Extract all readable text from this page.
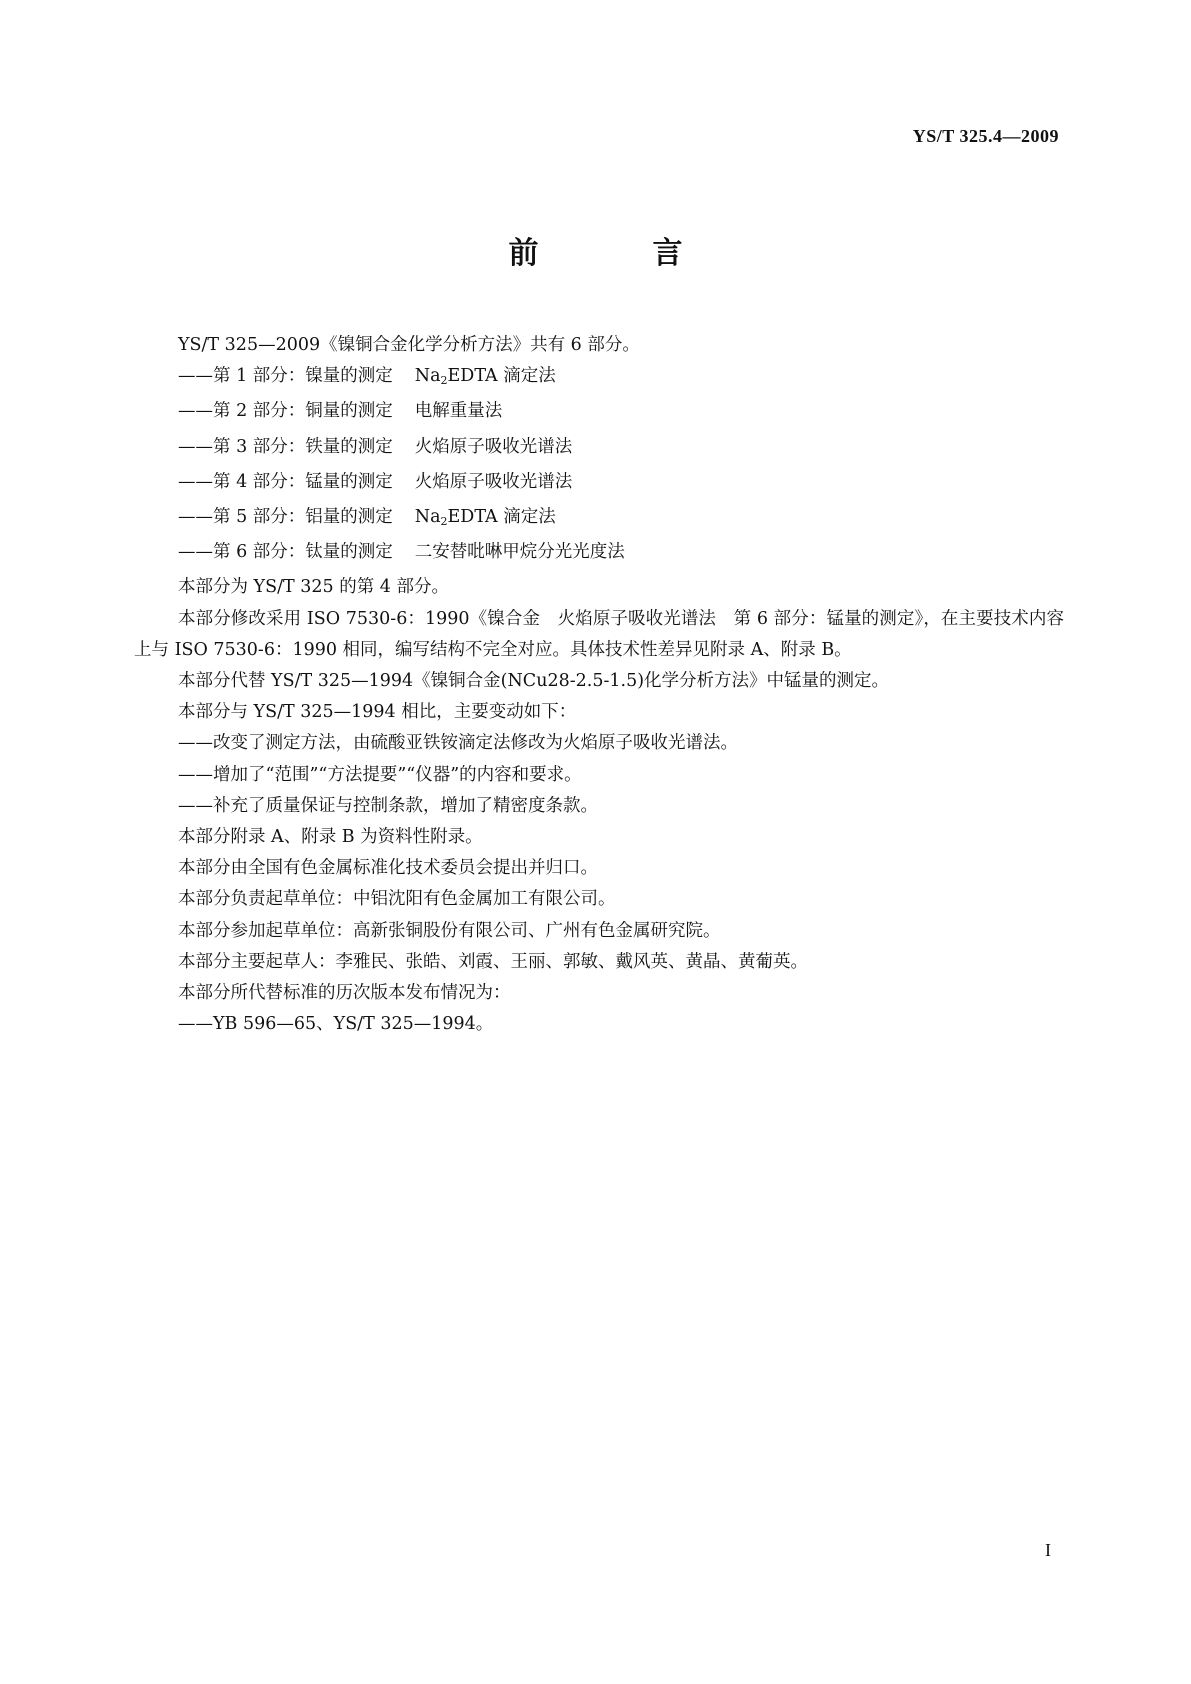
YS/T 325.4—2009
前　言

YS/T 325—2009《镍铜合金化学分析方法》共有 6 部分。

——第 1 部分：镍量的测定 $Na_2EDTA$ 滴定法

——第 2 部分：铜量的测定 电解重量法

——第 3 部分：铁量的测定 火焰原子吸收光谱法

——第 4 部分：锰量的测定 火焰原子吸收光谱法

——第 5 部分：铝量的测定 $Na_2EDTA$ 滴定法

——第 6 部分：钛量的测定 二安替吡啉甲烷分光光度法

本部分为 YS/T 325 的第 4 部分。

本部分修改采用 ISO 7530-6：1990《镍合金　火焰原子吸收光谱法　第 6 部分：锰量的测定》，在主要技术内容上与 ISO 7530-6：1990 相同，编写结构不完全对应。具体技术性差异见附录 A、附录 B。

本部分代替 YS/T 325—1994《镍铜合金(NCu28-2.5-1.5)化学分析方法》中锰量的测定。

本部分与 YS/T 325—1994 相比，主要变动如下：

——改变了测定方法，由硫酸亚铁铵滴定法修改为火焰原子吸收光谱法。

——增加了“范围”“方法提要”“仪器”的内容和要求。

——补充了质量保证与控制条款，增加了精密度条款。

本部分附录 A、附录 B 为资料性附录。

本部分由全国有色金属标准化技术委员会提出并归口。

本部分负责起草单位：中铝沈阳有色金属加工有限公司。

本部分参加起草单位：高新张铜股份有限公司、广州有色金属研究院。

本部分主要起草人：李雅民、张皓、刘霞、王丽、郭敏、戴风英、黄晶、黄葡英。

本部分所代替标准的历次版本发布情况为：

——YB 596—65、YS/T 325—1994。

I
